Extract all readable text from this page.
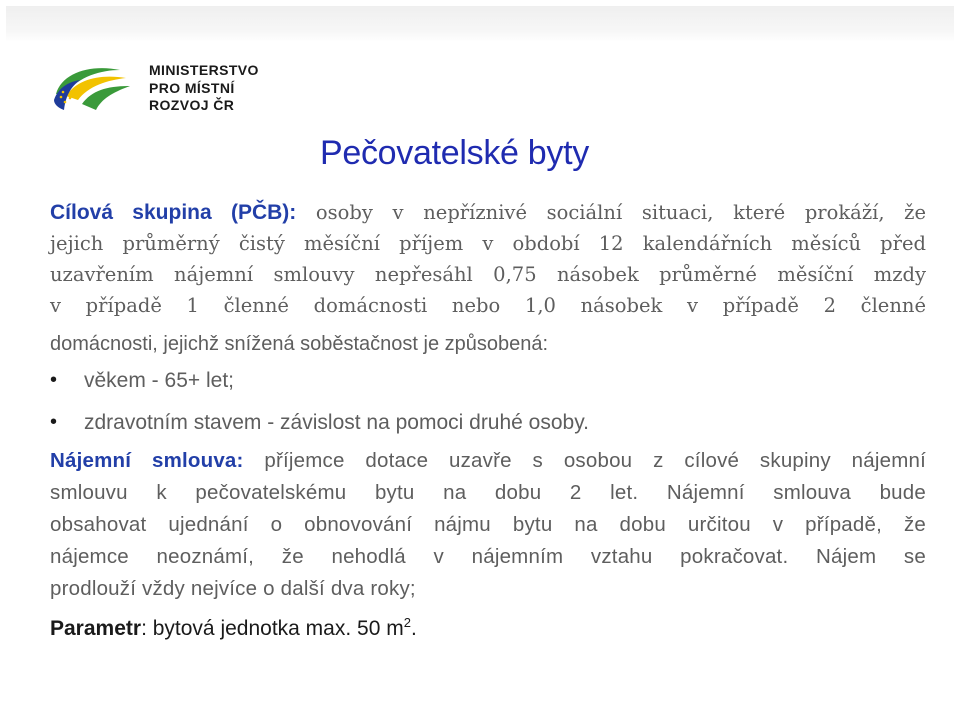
MINISTERSTVO
PRO MÍSTNÍ
ROZVOJ ČR
Pečovatelské byty
Cílová skupina (PČB): osoby v nepříznivé sociální situaci, které prokáží, že
jejich průměrný čistý měsíční příjem v období 12 kalendářních měsíců před
uzavřením nájemní smlouvy nepřesáhl 0,75 násobek průměrné měsíční mzdy
v případě 1 členné domácnosti nebo 1,0 násobek v případě 2 členné
domácnosti, jejichž snížená soběstačnost je způsobená:
• věkem - 65+ let;
• zdravotním stavem - závislost na pomoci druhé osoby.
Nájemní smlouva: příjemce dotace uzavře s osobou z cílové skupiny nájemní
smlouvu k pečovatelskému bytu na dobu 2 let. Nájemní smlouva bude
obsahovat ujednání o obnovování nájmu bytu na dobu určitou v případě, že
nájemce neoznámí, že nehodlá v nájemním vztahu pokračovat. Nájem se
prodlouží vždy nejvíce o další dva roky;
Parametr: bytová jednotka max. 50 $m^2$.
